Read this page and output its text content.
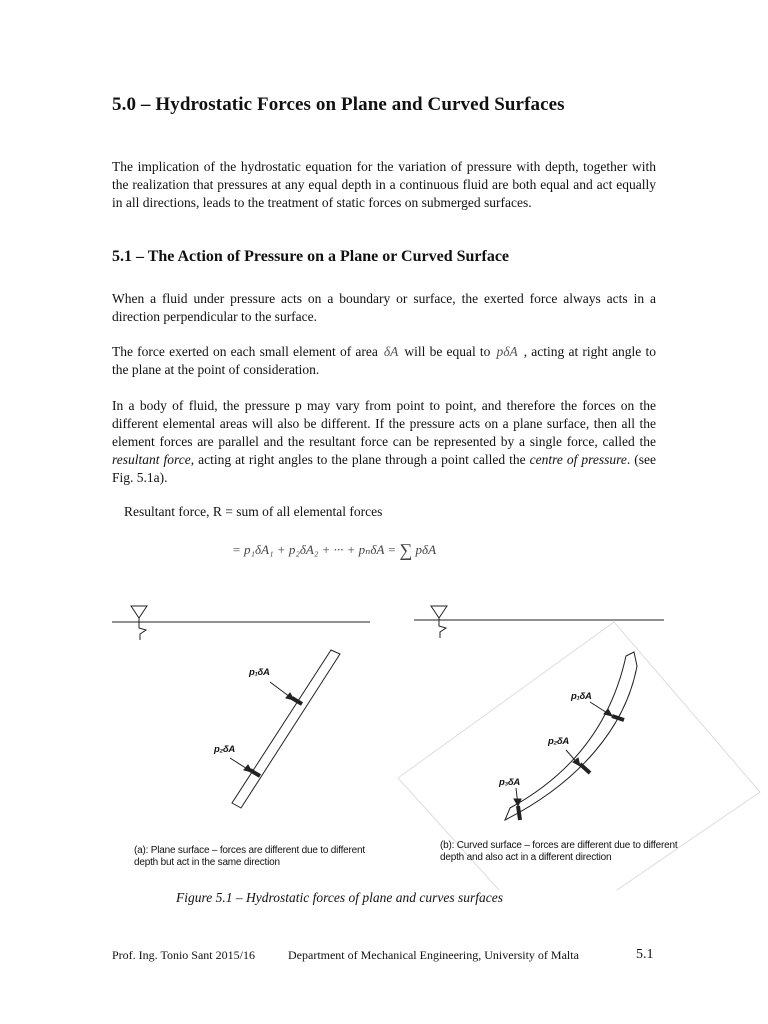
5.0 – Hydrostatic Forces on Plane and Curved Surfaces

The implication of the hydrostatic equation for the variation of pressure with depth, together with the realization that pressures at any equal depth in a continuous fluid are both equal and act equally in all directions, leads to the treatment of static forces on submerged surfaces.

5.1 – The Action of Pressure on a Plane or Curved Surface

When a fluid under pressure acts on a boundary or surface, the exerted force always acts in a direction perpendicular to the surface.

The force exerted on each small element of area δA will be equal to pδA , acting at right angle to the plane at the point of consideration.

In a body of fluid, the pressure p may vary from point to point, and therefore the forces on the different elemental areas will also be different. If the pressure acts on a plane surface, then all the element forces are parallel and the resultant force can be represented by a single force, called the resultant force, acting at right angles to the plane through a point called the centre of pressure. (see Fig. 5.1a).

Resultant force, R = sum of all elemental forces

= p₁δA₁ + p₂δA₂ + ··· + pₙδA = ∑ pδA

p₁δA

p₂δA

p₁δA

p₂δA

p₃δA

(a): Plane surface – forces are different due to different depth but act in the same direction

(b): Curved surface – forces are different due to different depth and also act in a different direction

Figure 5.1 – Hydrostatic forces of plane and curves surfaces

Prof. Ing. Tonio Sant 2015/16	Department of Mechanical Engineering, University of Malta	5.1
